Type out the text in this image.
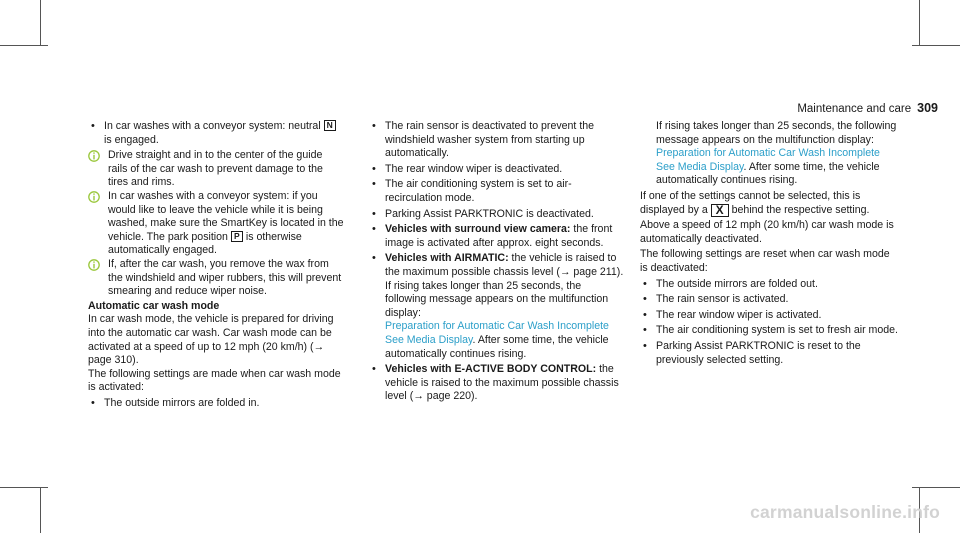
Maintenance and care 309

• In car washes with a conveyor system: neutral N is engaged.

Drive straight and in to the center of the guide rails of the car wash to prevent damage to the tires and rims.

In car washes with a conveyor system: if you would like to leave the vehicle while it is being washed, make sure the SmartKey is located in the vehicle. The park position P is otherwise automatically engaged.

If, after the car wash, you remove the wax from the windshield and wiper rubbers, this will prevent smearing and reduce wiper noise.

Automatic car wash mode

In car wash mode, the vehicle is prepared for driving into the automatic car wash. Car wash mode can be activated at a speed of up to 12 mph (20 km/h) (→ page 310).

The following settings are made when car wash mode is activated:

• The outside mirrors are folded in.

• The rain sensor is deactivated to prevent the windshield washer system from starting up automatically.

• The rear window wiper is deactivated.

• The air conditioning system is set to air-recirculation mode.

• Parking Assist PARKTRONIC is deactivated.

• Vehicles with surround view camera: the front image is activated after approx. eight seconds.

• Vehicles with AIRMATIC: the vehicle is raised to the maximum possible chassis level (→ page 211).

If rising takes longer than 25 seconds, the following message appears on the multifunction display:

Preparation for Automatic Car Wash Incomplete See Media Display. After some time, the vehicle automatically continues rising.

• Vehicles with E-ACTIVE BODY CONTROL: the vehicle is raised to the maximum possible chassis level (→ page 220).

If rising takes longer than 25 seconds, the following message appears on the multifunction display:

Preparation for Automatic Car Wash Incomplete See Media Display. After some time, the vehicle automatically continues rising.

If one of the settings cannot be selected, this is displayed by a X behind the respective setting.

Above a speed of 12 mph (20 km/h) car wash mode is automatically deactivated.

The following settings are reset when car wash mode is deactivated:

• The outside mirrors are folded out.

• The rain sensor is activated.

• The rear window wiper is activated.

• The air conditioning system is set to fresh air mode.

• Parking Assist PARKTRONIC is reset to the previously selected setting.

carmanualsonline.info
